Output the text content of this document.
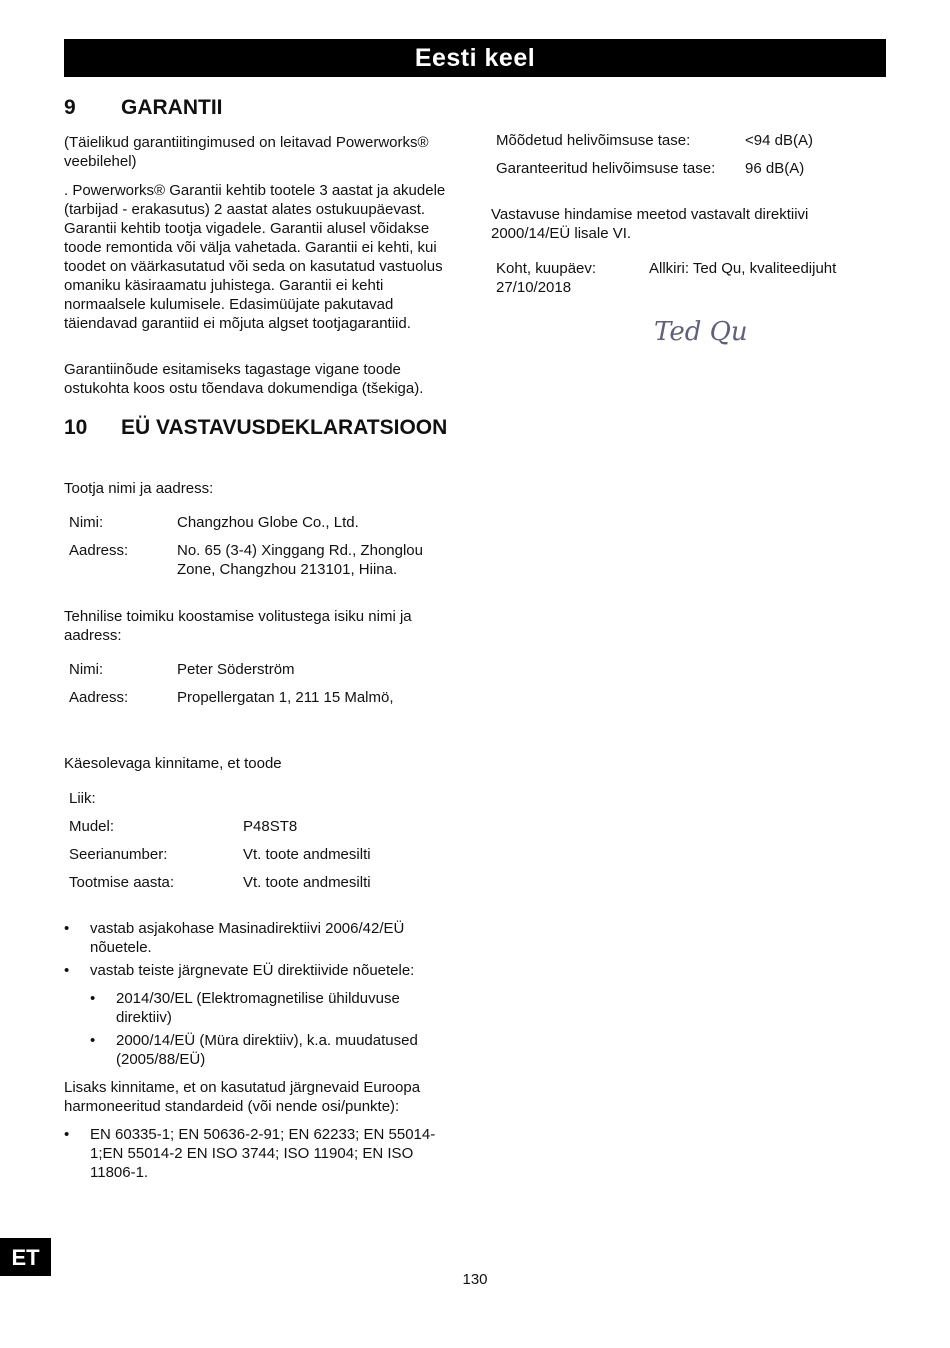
Eesti keel
9 GARANTII

(Täielikud garantiitingimused on leitavad Powerworks® veebilehel)

. Powerworks® Garantii kehtib tootele 3 aastat ja akudele (tarbijad - erakasutus) 2 aastat alates ostukuupäevast. Garantii kehtib tootja vigadele. Garantii alusel võidakse toode remontida või välja vahetada. Garantii ei kehti, kui toodet on väärkasutatud või seda on kasutatud vastuolus omaniku käsiraamatu juhistega. Garantii ei kehti normaalsele kulumisele. Edasimüüjate pakutavad täiendavad garantiid ei mõjuta algset tootjagarantiid.

Garantiinõude esitamiseks tagastage vigane toode ostukohta koos ostu tõendava dokumendiga (tšekiga).

10 EÜ VASTAVUSDEKLARATSIOON

Tootja nimi ja aadress:

Nimi:	Changzhou Globe Co., Ltd.
Aadress:	No. 65 (3-4) Xinggang Rd., Zhonglou Zone, Changzhou 213101, Hiina.

Tehnilise toimiku koostamise volitustega isiku nimi ja aadress:

Nimi:	Peter Söderström
Aadress:	Propellergatan 1, 211 15 Malmö,

Käesolevaga kinnitame, et toode

Liik:
Mudel:	P48ST8
Seerianumber:	Vt. toote andmesilti
Tootmise aasta:	Vt. toote andmesilti
• vastab asjakohase Masinadirektiivi 2006/42/EÜ nõuetele.
• vastab teiste järgnevate EÜ direktiivide nõuetele:
• 2014/30/EL (Elektromagnetilise ühilduvuse direktiiv)
• 2000/14/EÜ (Müra direktiiv), k.a. muudatused (2005/88/EÜ)

Lisaks kinnitame, et on kasutatud järgnevaid Euroopa harmoneeritud standardeid (või nende osi/punkte):

• EN 60335-1; EN 50636-2-91; EN 62233; EN 55014-1;EN 55014-2 EN ISO 3744; ISO 11904; EN ISO 11806-1.
Mõõdetud helivõimsuse tase:	<94 dB(A)
Garanteeritud helivõimsuse tase: 96 dB(A)

Vastavuse hindamise meetod vastavalt direktiivi 2000/14/EÜ lisale VI.

Koht, kuupäev: 27/10/2018

Allkiri: Ted Qu, kvaliteedijuht

Ted Qu
ET
130
